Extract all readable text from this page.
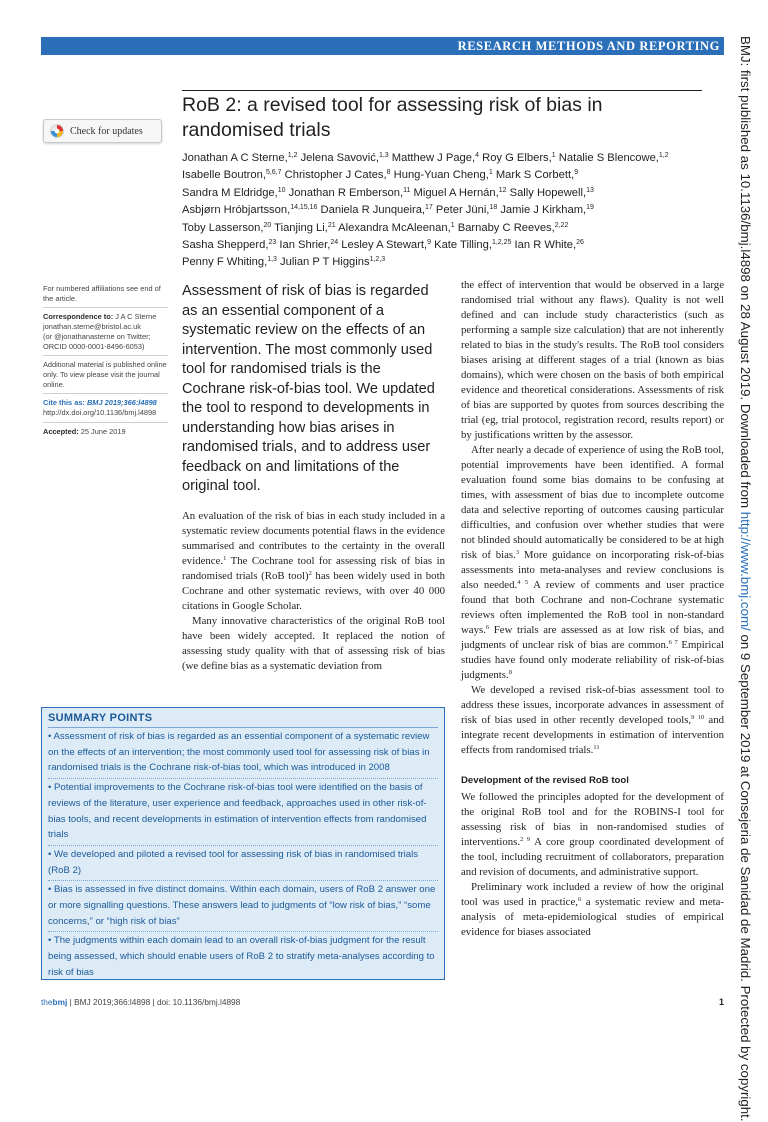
RESEARCH METHODS AND REPORTING
Check for updates
RoB 2: a revised tool for assessing risk of bias in
randomised trials
Jonathan A C Sterne,$^{1,2}$ Jelena Savović,$^{1,3}$ Matthew J Page,$^4$ Roy G Elbers,$^1$ Natalie S Blencowe,$^{1,2}$
Isabelle Boutron,$^{5,6,7}$ Christopher J Cates,$^8$ Hung-Yuan Cheng,$^1$ Mark S Corbett,$^9$
Sandra M Eldridge,$^{10}$ Jonathan R Emberson,$^{11}$ Miguel A Hernán,$^{12}$ Sally Hopewell,$^{13}$
Asbjørn Hróbjartsson,$^{14,15,16}$ Daniela R Junqueira,$^{17}$ Peter Jüni,$^{18}$ Jamie J Kirkham,$^{19}$
Toby Lasserson,$^{20}$ Tianjing Li,$^{21}$ Alexandra McAleenan,$^1$ Barnaby C Reeves,$^{2,22}$
Sasha Shepperd,$^{23}$ Ian Shrier,$^{24}$ Lesley A Stewart,$^9$ Kate Tilling,$^{1,2,25}$ Ian R White,$^{26}$
Penny F Whiting,$^{1,3}$ Julian P T Higgins$^{1,2,3}$

For numbered affiliations see end of the article.

Correspondence to: J A C Sterne
jonathan.sterne@bristol.ac.uk
(or @jonathanasterne on Twitter;
ORCID 0000-0001-8496-6053)

Additional material is published online only. To view please visit the journal online.

Cite this as: BMJ 2019;366:l4898
http://dx.doi.org/10.1136/bmj.l4898

Accepted: 25 June 2019

Assessment of risk of bias is regarded as an essential component of a systematic review on the effects of an intervention. The most commonly used tool for randomised trials is the Cochrane risk-of-bias tool. We updated the tool to respond to developments in understanding how bias arises in randomised trials, and to address user feedback on and limitations of the original tool.

An evaluation of the risk of bias in each study included in a systematic review documents potential flaws in the evidence summarised and contributes to the certainty in the overall evidence.$^1$ The Cochrane tool for assessing risk of bias in randomised trials (RoB tool)$^2$ has been widely used in both Cochrane and other systematic reviews, with over 40 000 citations in Google Scholar.

Many innovative characteristics of the original RoB tool have been widely accepted. It replaced the notion of assessing study quality with that of assessing risk of bias (we define bias as a systematic deviation from

the effect of intervention that would be observed in a large randomised trial without any flaws). Quality is not well defined and can include study characteristics (such as performing a sample size calculation) that are not inherently related to bias in the study's results. The RoB tool considers biases arising at different stages of a trial (known as bias domains), which were chosen on the basis of both empirical evidence and theoretical considerations. Assessments of risk of bias are supported by quotes from sources describing the trial (eg, trial protocol, registration record, results report) or by justifications written by the assessor.

After nearly a decade of experience of using the RoB tool, potential improvements have been identified. A formal evaluation found some bias domains to be confusing at times, with assessment of bias due to incomplete outcome data and selective reporting of outcomes causing particular difficulties, and confusion over whether studies that were not blinded should automatically be considered to be at high risk of bias.$^3$ More guidance on incorporating risk-of-bias assessments into meta-analyses and review conclusions is also needed.$^{4 5}$ A review of comments and user practice found that both Cochrane and non-Cochrane systematic reviews often implemented the RoB tool in non-standard ways.$^6$ Few trials are assessed as at low risk of bias, and judgments of unclear risk of bias are common.$^{6 7}$ Empirical studies have found only moderate reliability of risk-of-bias judgments.$^8$

We developed a revised risk-of-bias assessment tool to address these issues, incorporate advances in assessment of risk of bias used in other recently developed tools,$^{9 10}$ and integrate recent developments in estimation of intervention effects from randomised trials.$^{11}$

Development of the revised RoB tool

We followed the principles adopted for the development of the original RoB tool and for the ROBINS-I tool for assessing risk of bias in non-randomised studies of interventions.$^{2 9}$ A core group coordinated development of the tool, including recruitment of collaborators, preparation and revision of documents, and administrative support.

Preliminary work included a review of how the original tool was used in practice,$^6$ a systematic review and meta-analysis of meta-epidemiological studies of empirical evidence for biases associated

SUMMARY POINTS
• Assessment of risk of bias is regarded as an essential component of a systematic review on the effects of an intervention; the most commonly used tool for assessing risk of bias in randomised trials is the Cochrane risk-of-bias tool, which was introduced in 2008
• Potential improvements to the Cochrane risk-of-bias tool were identified on the basis of reviews of the literature, user experience and feedback, approaches used in other risk-of-bias tools, and recent developments in estimation of intervention effects from randomised trials
• We developed and piloted a revised tool for assessing risk of bias in randomised trials (RoB 2)
• Bias is assessed in five distinct domains. Within each domain, users of RoB 2 answer one or more signalling questions. These answers lead to judgments of “low risk of bias,” “some concerns,” or “high risk of bias”
• The judgments within each domain lead to an overall risk-of-bias judgment for the result being assessed, which should enable users of RoB 2 to stratify meta-analyses according to risk of bias
thebmj | BMJ 2019;366:l4898 | doi: 10.1136/bmj.l4898	1
BMJ: first published as 10.1136/bmj.l4898 on 28 August 2019. Downloaded from http://www.bmj.com/ on 9 September 2019 at Consejeria de Sanidad de Madrid. Protected by copyright.
